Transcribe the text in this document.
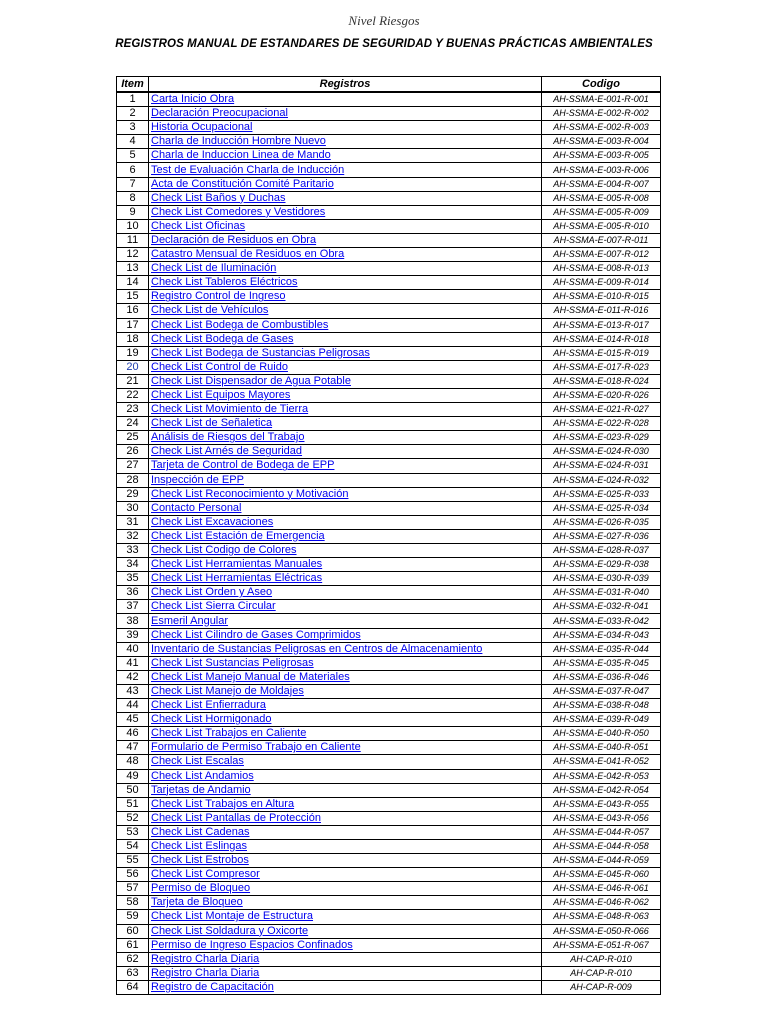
Nivel Riesgos
REGISTROS MANUAL DE ESTANDARES DE SEGURIDAD Y BUENAS PRÁCTICAS AMBIENTALES
Item	Registros	Codigo
1	Carta Inicio Obra	AH-SSMA-E-001-R-001
2	Declaración Preocupacional	AH-SSMA-E-002-R-002
3	Historia Ocupacional	AH-SSMA-E-002-R-003
4	Charla de Inducción Hombre Nuevo	AH-SSMA-E-003-R-004
5	Charla de Induccion Linea de Mando	AH-SSMA-E-003-R-005
6	Test de Evaluación Charla de Inducción	AH-SSMA-E-003-R-006
7	Acta de Constitución Comité Paritario	AH-SSMA-E-004-R-007
8	Check List Baños y Duchas	AH-SSMA-E-005-R-008
9	Check List Comedores y Vestidores	AH-SSMA-E-005-R-009
10	Check List Oficinas	AH-SSMA-E-005-R-010
11	Declaración de Residuos en Obra	AH-SSMA-E-007-R-011
12	Catastro Mensual de Residuos en Obra	AH-SSMA-E-007-R-012
13	Check List de Iluminación	AH-SSMA-E-008-R-013
14	Check List Tableros Eléctricos	AH-SSMA-E-009-R-014
15	Registro Control de Ingreso	AH-SSMA-E-010-R-015
16	Check List de Vehículos	AH-SSMA-E-011-R-016
17	Check List Bodega de Combustibles	AH-SSMA-E-013-R-017
18	Check List Bodega de Gases	AH-SSMA-E-014-R-018
19	Check List Bodega de Sustancias Peligrosas	AH-SSMA-E-015-R-019
20	Check List Control de Ruido	AH-SSMA-E-017-R-023
21	Check List Dispensador de Agua Potable	AH-SSMA-E-018-R-024
22	Check List Equipos Mayores	AH-SSMA-E-020-R-026
23	Check List Movimiento de Tierra	AH-SSMA-E-021-R-027
24	Check List de Señaletica	AH-SSMA-E-022-R-028
25	Análisis de Riesgos del Trabajo	AH-SSMA-E-023-R-029
26	Check List Arnés de Seguridad	AH-SSMA-E-024-R-030
27	Tarjeta de Control de Bodega de EPP	AH-SSMA-E-024-R-031
28	Inspección de EPP	AH-SSMA-E-024-R-032
29	Check List Reconocimiento y Motivación	AH-SSMA-E-025-R-033
30	Contacto Personal	AH-SSMA-E-025-R-034
31	Check List Excavaciones	AH-SSMA-E-026-R-035
32	Check List Estación de Emergencia	AH-SSMA-E-027-R-036
33	Check List Codigo de Colores	AH-SSMA-E-028-R-037
34	Check List Herramientas Manuales	AH-SSMA-E-029-R-038
35	Check List Herramientas Eléctricas	AH-SSMA-E-030-R-039
36	Check List Orden y Aseo	AH-SSMA-E-031-R-040
37	Check List Sierra Circular	AH-SSMA-E-032-R-041
38	Esmeril Angular	AH-SSMA-E-033-R-042
39	Check List Cilindro de Gases Comprimidos	AH-SSMA-E-034-R-043
40	Inventario de Sustancias Peligrosas en Centros de Almacenamiento	AH-SSMA-E-035-R-044
41	Check List Sustancias Peligrosas	AH-SSMA-E-035-R-045
42	Check List Manejo Manual de Materiales	AH-SSMA-E-036-R-046
43	Check List Manejo de Moldajes	AH-SSMA-E-037-R-047
44	Check List Enfierradura	AH-SSMA-E-038-R-048
45	Check List Hormigonado	AH-SSMA-E-039-R-049
46	Check List Trabajos en Caliente	AH-SSMA-E-040-R-050
47	Formulario de Permiso Trabajo en Caliente	AH-SSMA-E-040-R-051
48	Check List Escalas	AH-SSMA-E-041-R-052
49	Check List Andamios	AH-SSMA-E-042-R-053
50	Tarjetas de Andamio	AH-SSMA-E-042-R-054
51	Check List Trabajos en Altura	AH-SSMA-E-043-R-055
52	Check List Pantallas de Protección	AH-SSMA-E-043-R-056
53	Check List Cadenas	AH-SSMA-E-044-R-057
54	Check List Eslingas	AH-SSMA-E-044-R-058
55	Check List Estrobos	AH-SSMA-E-044-R-059
56	Check List Compresor	AH-SSMA-E-045-R-060
57	Permiso de Bloqueo	AH-SSMA-E-046-R-061
58	Tarjeta de Bloqueo	AH-SSMA-E-046-R-062
59	Check List Montaje de Estructura	AH-SSMA-E-048-R-063
60	Check List Soldadura y Oxicorte	AH-SSMA-E-050-R-066
61	Permiso de Ingreso Espacios Confinados	AH-SSMA-E-051-R-067
62	Registro Charla Diaria	AH-CAP-R-010
63	Registro Charla Diaria	AH-CAP-R-010
64	Registro de Capacitación	AH-CAP-R-009
